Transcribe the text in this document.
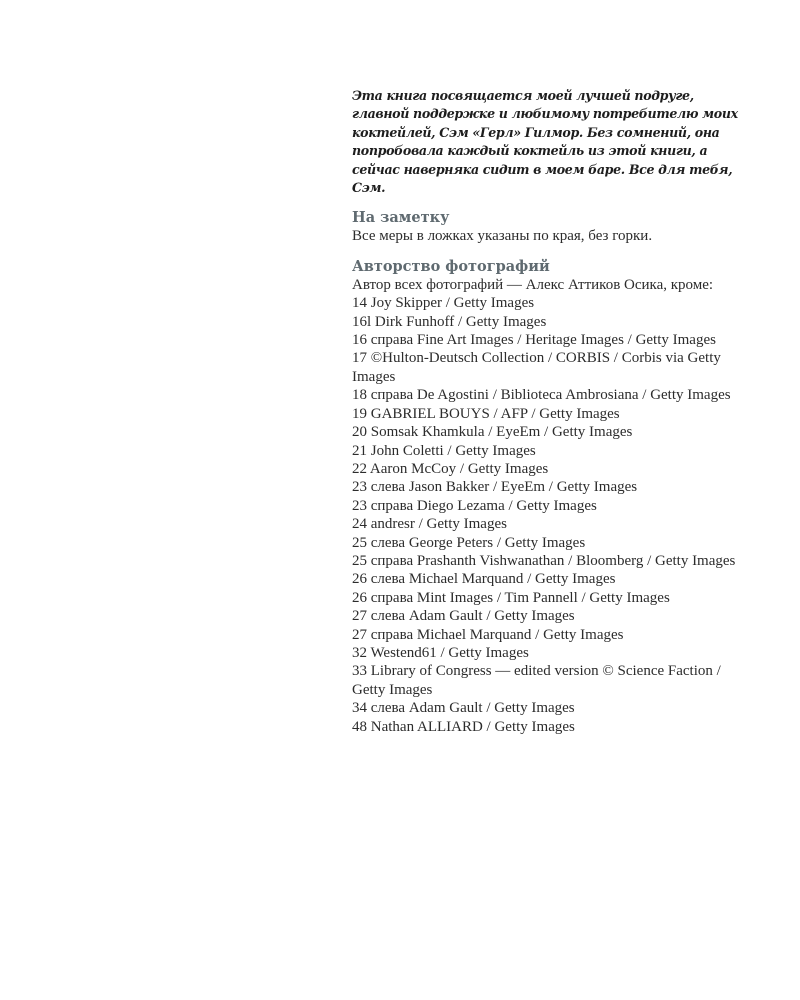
Эта книга посвящается моей лучшей подруге, главной поддержке и любимому потребителю моих коктейлей, Сэм «Герл» Гилмор. Без сомнений, она попробовала каждый коктейль из этой книги, а сейчас наверняка сидит в моем баре. Все для тебя, Сэм.

На заметку

Все меры в ложках указаны по края, без горки.

Авторство фотографий

Автор всех фотографий — Алекс Аттиков Осика, кроме:

14 Joy Skipper / Getty Images
16l Dirk Funhoff / Getty Images
16 справа Fine Art Images / Heritage Images / Getty Images
17 ©Hulton-Deutsch Collection / CORBIS / Corbis via Getty Images
18 справа De Agostini / Biblioteca Ambrosiana / Getty Images
19 GABRIEL BOUYS / AFP / Getty Images
20 Somsak Khamkula / EyeEm / Getty Images
21 John Coletti / Getty Images
22 Aaron McCoy / Getty Images
23 слева Jason Bakker / EyeEm / Getty Images
23 справа Diego Lezama / Getty Images
24 andresr / Getty Images
25 слева George Peters / Getty Images
25 справа Prashanth Vishwanathan / Bloomberg / Getty Images
26 слева Michael Marquand / Getty Images
26 справа Mint Images / Tim Pannell / Getty Images
27 слева Adam Gault / Getty Images
27 справа Michael Marquand / Getty Images
32 Westend61 / Getty Images
33 Library of Congress — edited version © Science Faction / Getty Images
34 слева Adam Gault / Getty Images
48 Nathan ALLIARD / Getty Images
